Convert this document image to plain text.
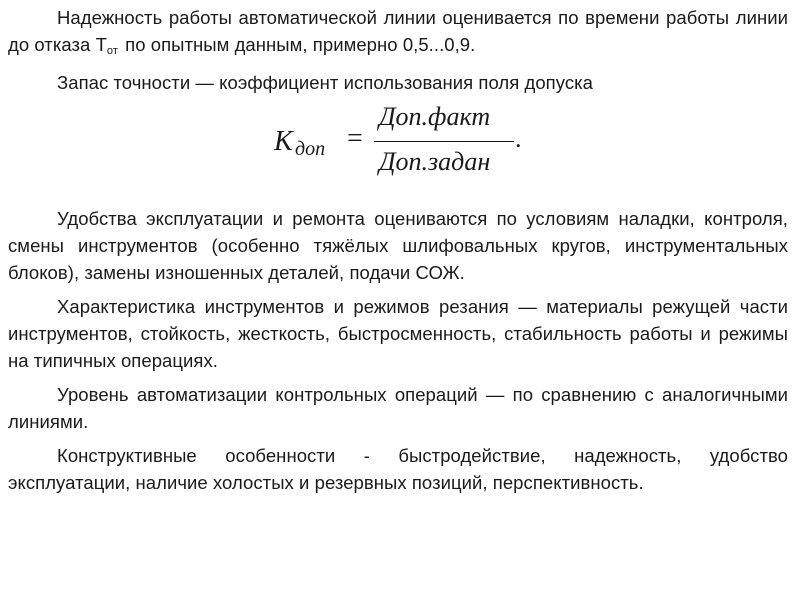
Надежность работы автоматической линии оценивается по времени работы линии до отказа Тот по опытным данным, примерно 0,5...0,9.

Запас точности — коэффициент использования поля допуска

K доп =
Доп.факт
.
Доп.задан

Удобства эксплуатации и ремонта оцениваются по условиям наладки, контроля, смены инструментов (особенно тяжёлых шлифовальных кругов, инструментальных блоков), замены изношенных деталей, подачи СОЖ.

Характеристика инструментов и режимов резания — материалы режущей части инструментов, стойкость, жесткость, быстросменность, стабильность работы и режимы на типичных операциях.

Уровень автоматизации контрольных операций — по сравнению с аналогичными линиями.

Конструктивные особенности - быстродействие, надежность, удобство эксплуатации, наличие холостых и резервных позиций, перспективность.
